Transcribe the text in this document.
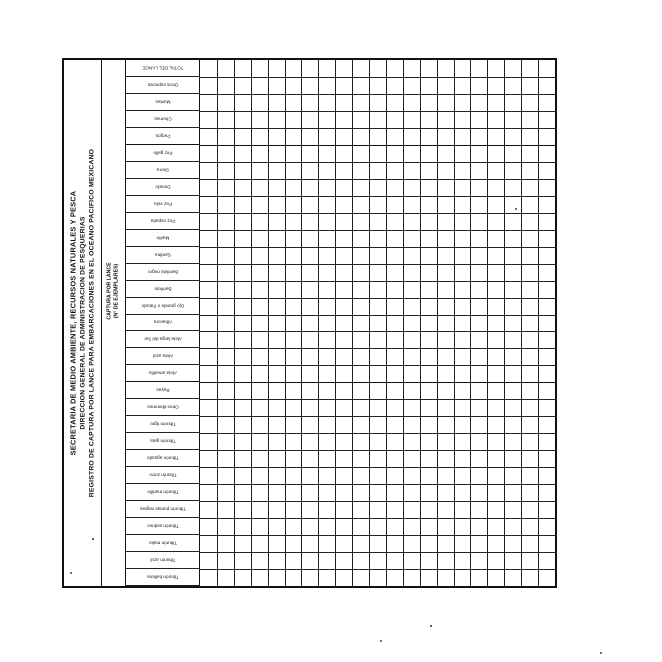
SECRETARIA DE MEDIO AMBIENTE, RECURSOS NATURALES Y PESCA DIRECCION GENERAL DE ADMINISTRACION DE PESQUERIAS REGISTRO DE CAPTURA POR LANCE PARA EMBARCACIONES EN EL OCEANO PACIFICO MEXICANO CAPTURA POR LANCE (N° DE EJEMPLARES)
TOTAL DEL LANCE
Otros especies
Mantas
Chernas
Pargos
Pez gallo
Sierra
Dorado
Pez vela
Pez espada
Marlín
Sardina
Barrilete negro
Barrilete
Ojo grande o Patudo
Albacora
Aleta larga del Sur
Aleta azul
Aleta amarilla
Rayas
Otros tiburones
Tiburón tigre
Tiburón gata
Tiburón aguado
Tiburón zorro
Tiburón martillo
Tiburón puntas negras
Tiburón sedoso
Tiburón mako
Tiburón azul
Tiburón ballena
